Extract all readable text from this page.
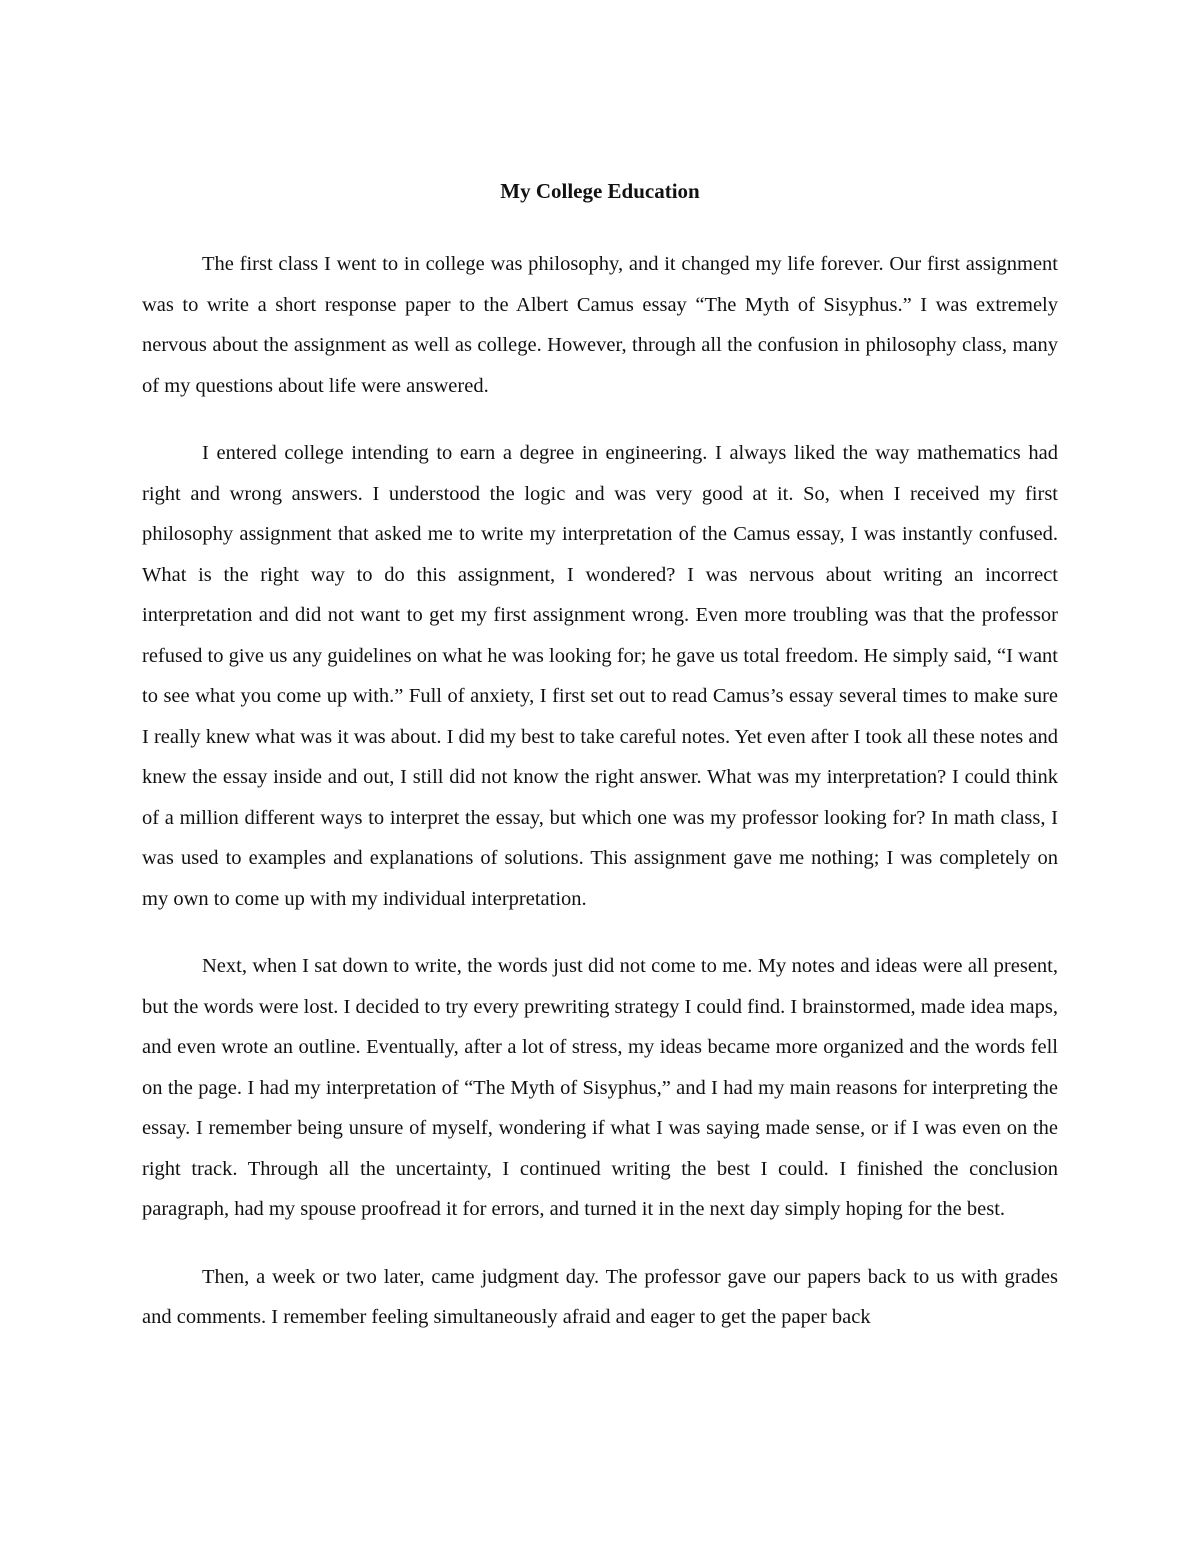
My College Education

The first class I went to in college was philosophy, and it changed my life forever. Our first assignment was to write a short response paper to the Albert Camus essay “The Myth of Sisyphus.” I was extremely nervous about the assignment as well as college. However, through all the confusion in philosophy class, many of my questions about life were answered.

I entered college intending to earn a degree in engineering. I always liked the way mathematics had right and wrong answers. I understood the logic and was very good at it. So, when I received my first philosophy assignment that asked me to write my interpretation of the Camus essay, I was instantly confused. What is the right way to do this assignment, I wondered? I was nervous about writing an incorrect interpretation and did not want to get my first assignment wrong. Even more troubling was that the professor refused to give us any guidelines on what he was looking for; he gave us total freedom. He simply said, “I want to see what you come up with.” Full of anxiety, I first set out to read Camus’s essay several times to make sure I really knew what was it was about. I did my best to take careful notes. Yet even after I took all these notes and knew the essay inside and out, I still did not know the right answer. What was my interpretation? I could think of a million different ways to interpret the essay, but which one was my professor looking for? In math class, I was used to examples and explanations of solutions. This assignment gave me nothing; I was completely on my own to come up with my individual interpretation.

Next, when I sat down to write, the words just did not come to me. My notes and ideas were all present, but the words were lost. I decided to try every prewriting strategy I could find. I brainstormed, made idea maps, and even wrote an outline. Eventually, after a lot of stress, my ideas became more organized and the words fell on the page. I had my interpretation of “The Myth of Sisyphus,” and I had my main reasons for interpreting the essay. I remember being unsure of myself, wondering if what I was saying made sense, or if I was even on the right track. Through all the uncertainty, I continued writing the best I could. I finished the conclusion paragraph, had my spouse proofread it for errors, and turned it in the next day simply hoping for the best.

Then, a week or two later, came judgment day. The professor gave our papers back to us with grades and comments. I remember feeling simultaneously afraid and eager to get the paper back
